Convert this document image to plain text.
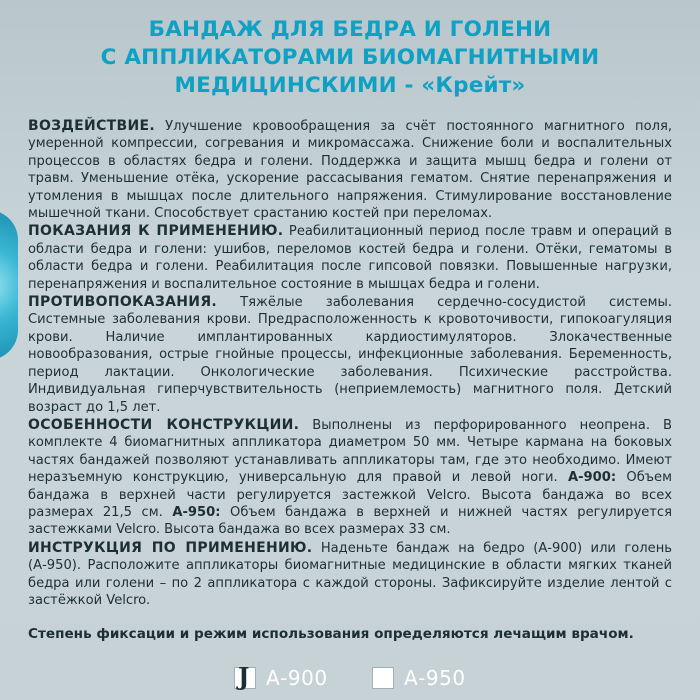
БАНДАЖ ДЛЯ БЕДРА И ГОЛЕНИ
С АППЛИКАТОРАМИ БИОМАГНИТНЫМИ
МЕДИЦИНСКИМИ - «Крейт»

ВОЗДЕЙСТВИЕ. Улучшение кровообращения за счёт постоянного магнитного поля, умеренной компрессии, согревания и микромассажа. Снижение боли и воспалительных процессов в областях бедра и голени. Поддержка и защита мышц бедра и голени от травм. Уменьшение отёка, ускорение рассасывания гематом. Снятие перенапряжения и утомления в мышцах после длительного напряжения. Стимулирование восстановление мышечной ткани. Способствует срастанию костей при переломах.

ПОКАЗАНИЯ К ПРИМЕНЕНИЮ. Реабилитационный период после травм и операций в области бедра и голени: ушибов, переломов костей бедра и голени. Отёки, гематомы в области бедра и голени. Реабилитация после гипсовой повязки. Повышенные нагрузки, перенапряжения и воспалительное состояние в мышцах бедра и голени.

ПРОТИВОПОКАЗАНИЯ. Тяжёлые заболевания сердечно-сосудистой системы. Системные заболевания крови. Предрасположенность к кровоточивости, гипокоагуляция крови. Наличие имплантированных кардиостимуляторов. Злокачественные новообразования, острые гнойные процессы, инфекционные заболевания. Беременность, период лактации. Онкологические заболевания. Психические расстройства. Индивидуальная гиперчувствительность (неприемлемость) магнитного поля. Детский возраст до 1,5 лет.

ОСОБЕННОСТИ КОНСТРУКЦИИ. Выполнены из перфорированного неопрена. В комплекте 4 биомагнитных аппликатора диаметром 50 мм. Четыре кармана на боковых частях бандажей позволяют устанавливать аппликаторы там, где это необходимо. Имеют неразъемную конструкцию, универсальную для правой и левой ноги. А-900: Объем бандажа в верхней части регулируется застежкой Velcro. Высота бандажа во всех размерах 21,5 см. А-950: Объем бандажа в верхней и нижней частях регулируется застежками Velcro. Высота бандажа во всех размерах 33 см.

ИНСТРУКЦИЯ ПО ПРИМЕНЕНИЮ. Наденьте бандаж на бедро (А-900) или голень (А-950). Расположите аппликаторы биомагнитные медицинские в области мягких тканей бедра или голени – по 2 аппликатора с каждой стороны. Зафиксируйте изделие лентой с застёжкой Velcro.

Степень фиксации и режим использования определяются лечащим врачом.
J А-900	А-950
